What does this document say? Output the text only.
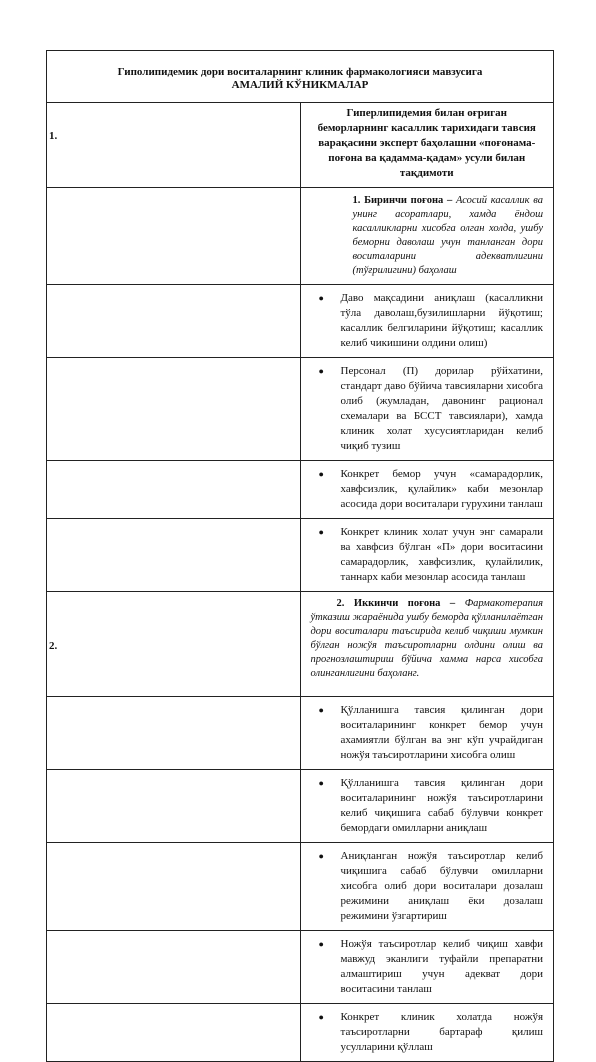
Гиполипидемик дори воситаларнинг клиник фармакологияси мавзусига
АМАЛИЙ КЎНИКМАЛАР	

1.	Гиперлипидемия билан оғриган беморларнинг касаллик тарихидаги тавсия варақасини эксперт баҳолашни «поғонама- поғона ва қадамма-қадам» усули билан тақдимоти

	1. Биринчи поғона – Асосий касаллик ва унинг асоратлари, хамда ёндош касалликларни хисобга олган холда, ушбу беморни даволаш учун танланган дори воситаларини адекватлигини (тўғрилигини) баҳолаш

	● Даво мақсадини аниқлаш (касалликни тўла даволаш,бузилишларни йўқотиш; касаллик белгиларини йўқотиш; касаллик келиб чикишини олдини олиш)

	● Персонал (П) дорилар рўйхатини, стандарт даво бўйича тавсияларни хисобга олиб (жумладан, давонинг рационал схемалари ва БССТ тавсиялари), хамда клиник холат хусусиятларидан келиб чиқиб тузиш

	● Конкрет бемор учун «самарадорлик, хавфсизлик, қулайлик» каби мезонлар асосида дори воситалари гурухини танлаш

	● Конкрет клиник холат учун энг самарали ва хавфсиз бўлган «П» дори воситасини самарадорлик, хавфсизлик, қулайлилик, таннарх каби мезонлар асосида танлаш

2.	2. Иккинчи поғона – Фармакотерапия ўтказиш жараёнида ушбу беморда қўлланилаётган дори воситалари таъсирида келиб чиқиши мумкин бўлган ножўя таъсиротларни олдини олиш ва прогнозлаштириш бўйича хамма нарса хисобга олинганлигини баҳоланг.

	● Қўлланишга тавсия қилинган дори воситаларининг конкрет бемор учун ахамиятли бўлган ва энг кўп учрайдиган ножўя таъсиротларини хисобга олиш

	● Қўлланишга тавсия қилинган дори воситаларининг ножўя таъсиротларини келиб чиқишига сабаб бўлувчи конкрет бемордаги омилларни аниқлаш

	● Аниқланган ножўя таъсиротлар келиб чиқишига сабаб бўлувчи омилларни хисобга олиб дори воситалари дозалаш режимини аниқлаш ёки дозалаш режимини ўзгартириш

	● Ножўя таъсиротлар келиб чиқиш хавфи мавжуд эканлиги туфайли препаратни алмаштириш учун адекват дори воситасини танлаш

	● Конкрет клиник холатда ножўя таъсиротларни бартараф қилиш усулларини қўллаш
